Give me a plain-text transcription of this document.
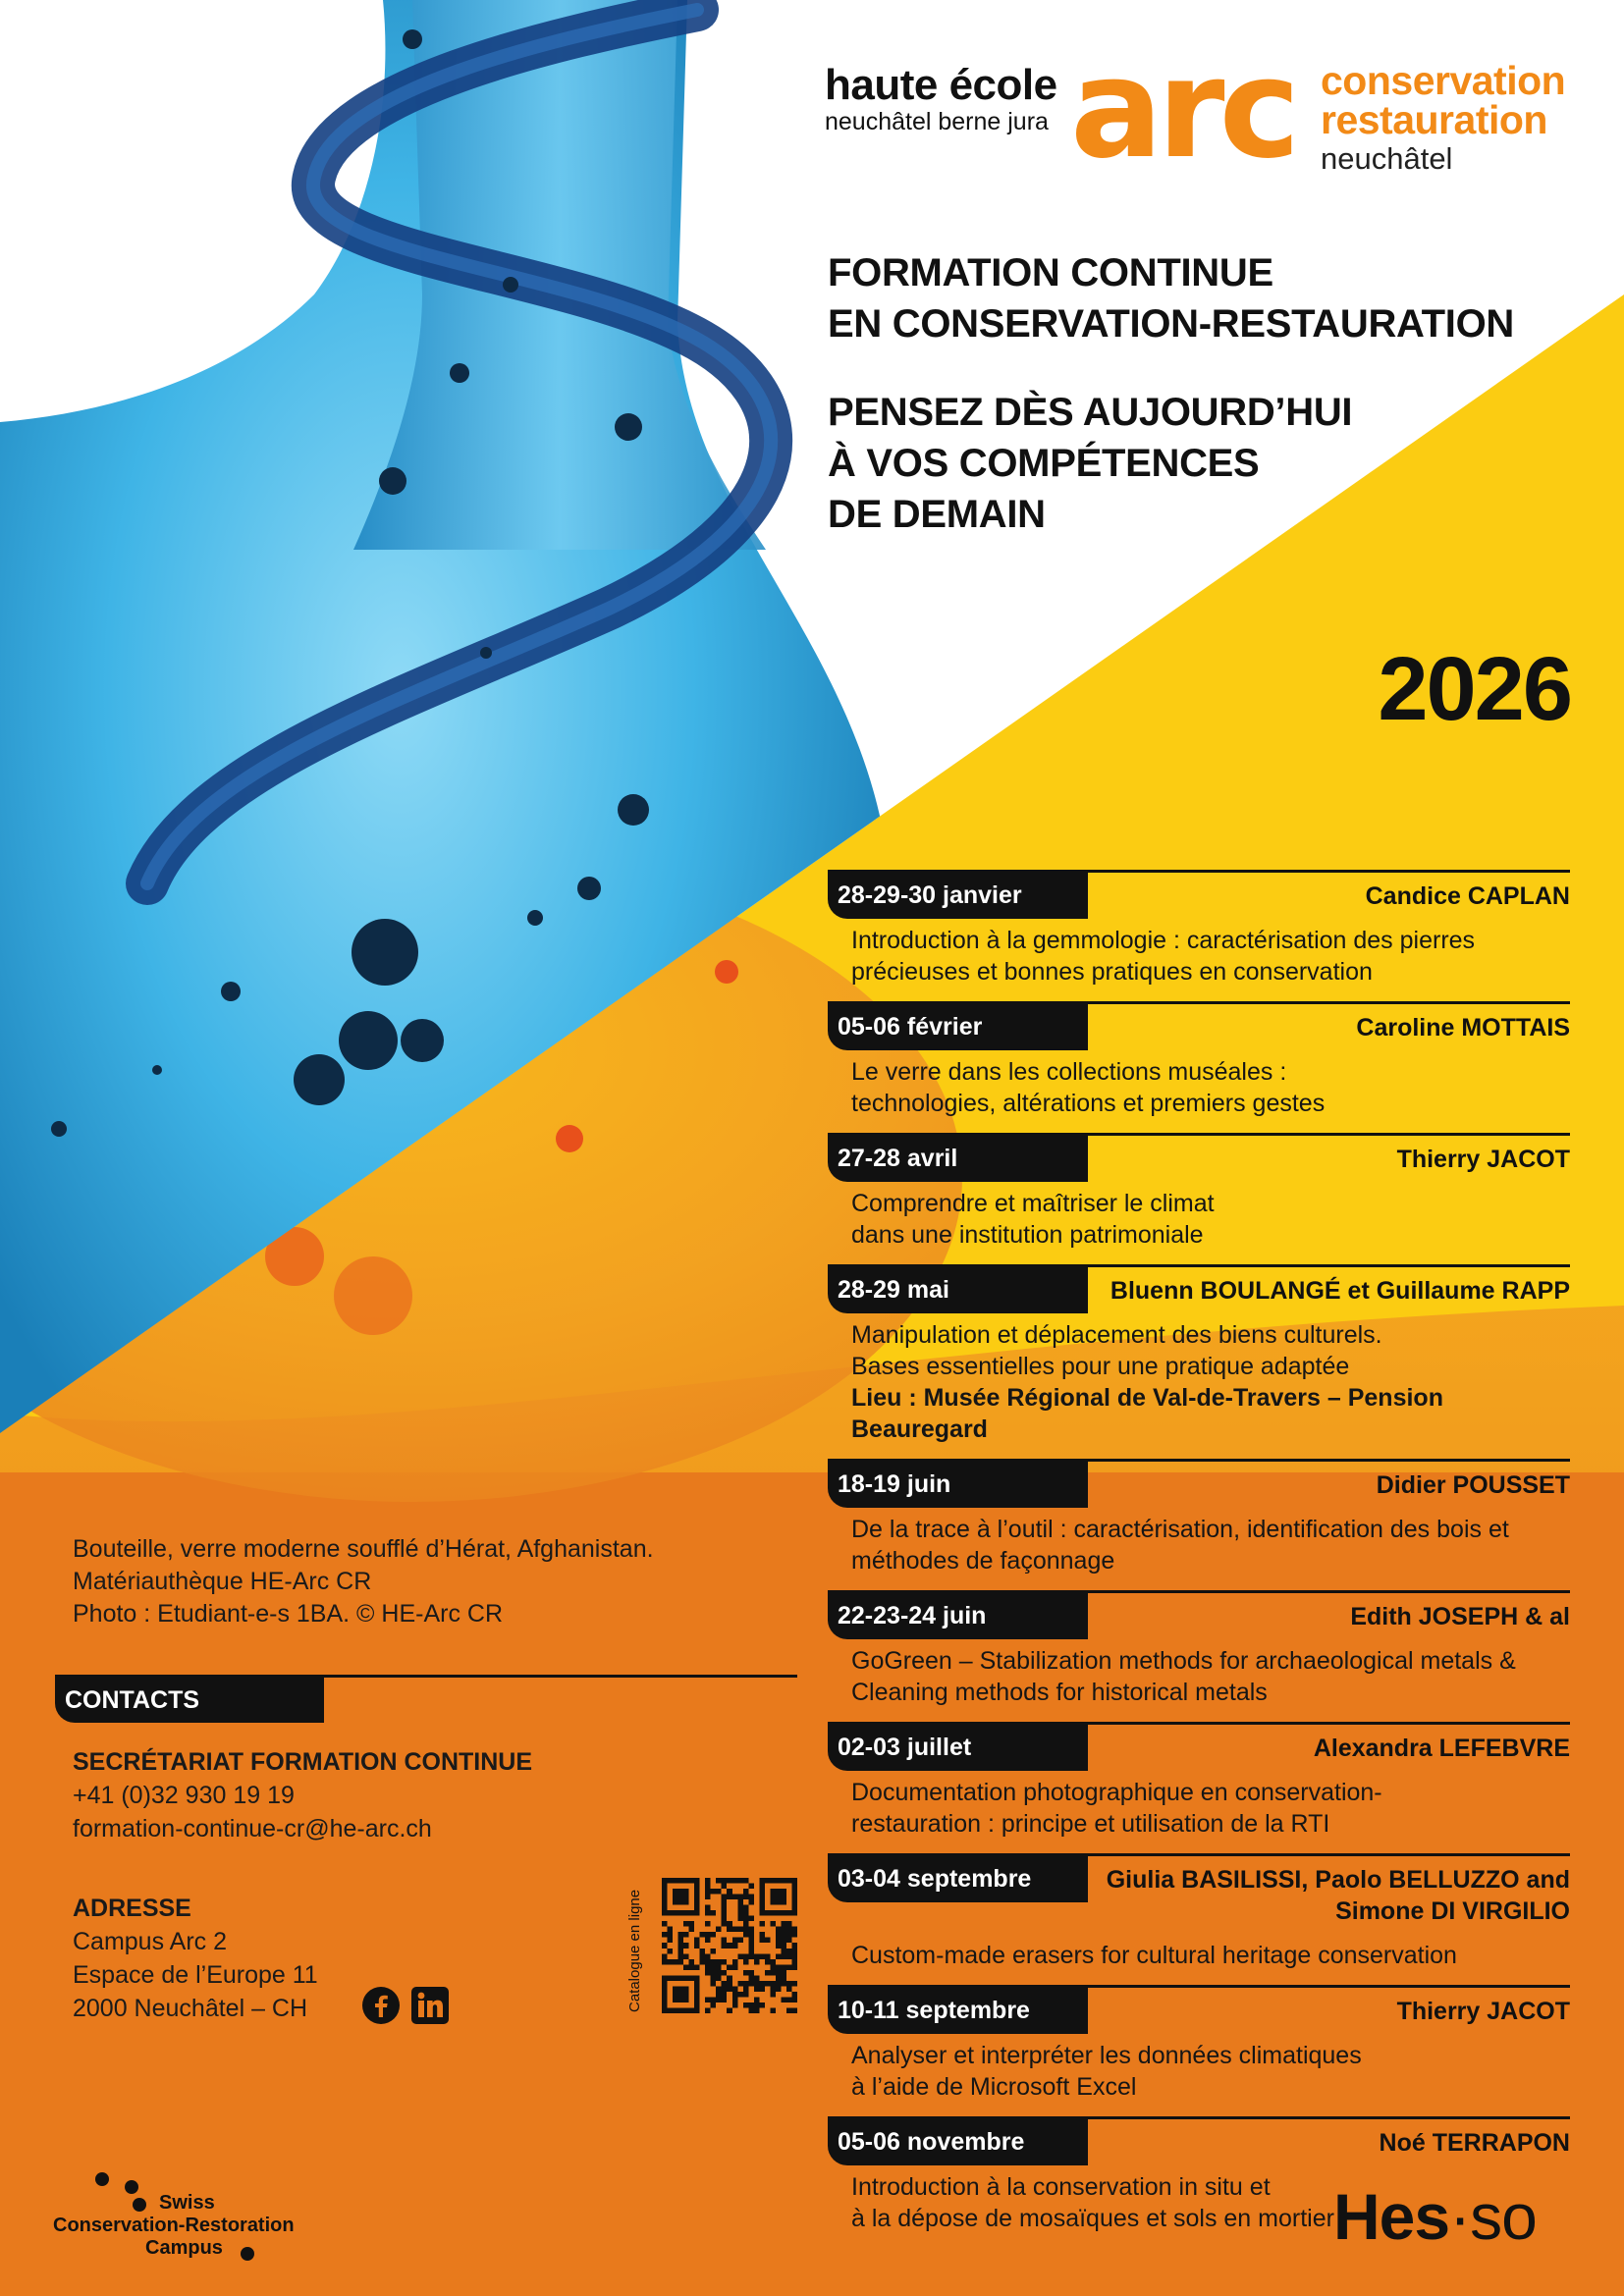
haute école
neuchâtel berne jura arc conservation
restauration
neuchâtel
FORMATION CONTINUE
EN CONSERVATION-RESTAURATION
PENSEZ DÈS AUJOURD’HUI
À VOS COMPÉTENCES
DE DEMAIN
2026
28-29-30 janvier	Candice CAPLAN
Introduction à la gemmologie : caractérisation des pierres
précieuses et bonnes pratiques en conservation
05-06 février	Caroline MOTTAIS
Le verre dans les collections muséales :
technologies, altérations et premiers gestes
27-28 avril	Thierry JACOT
Comprendre et maîtriser le climat
dans une institution patrimoniale
28-29 mai	Bluenn BOULANGÉ et Guillaume RAPP
Manipulation et déplacement des biens culturels.
Bases essentielles pour une pratique adaptée
Lieu : Musée Régional de Val-de-Travers – Pension Beauregard
18-19 juin	Didier POUSSET
De la trace à l’outil : caractérisation, identification des bois et
méthodes de façonnage
22-23-24 juin	Edith JOSEPH & al
GoGreen – Stabilization methods for archaeological metals &
Cleaning methods for historical metals
02-03 juillet	Alexandra LEFEBVRE
Documentation photographique en conservation-
restauration : principe et utilisation de la RTI
03-04 septembre	Giulia BASILISSI, Paolo BELLUZZO and Simone DI VIRGILIO
Custom-made erasers for cultural heritage conservation
10-11 septembre	Thierry JACOT
Analyser et interpréter les données climatiques
à l’aide de Microsoft Excel
05-06 novembre	Noé TERRAPON
Introduction à la conservation in situ et
à la dépose de mosaïques et sols en mortier
Bouteille, verre moderne soufflé d’Hérat, Afghanistan.
Matériauthèque HE-Arc CR
Photo : Etudiant-e-s 1BA. © HE-Arc CR
CONTACTS
SECRÉTARIAT FORMATION CONTINUE
+41 (0)32 930 19 19
formation-continue-cr@he-arc.ch
ADRESSE
Campus Arc 2
Espace de l’Europe 11
2000 Neuchâtel – CH
	Catalogue en ligne
Swiss
Conservation-Restoration
Campus	Hes·so
